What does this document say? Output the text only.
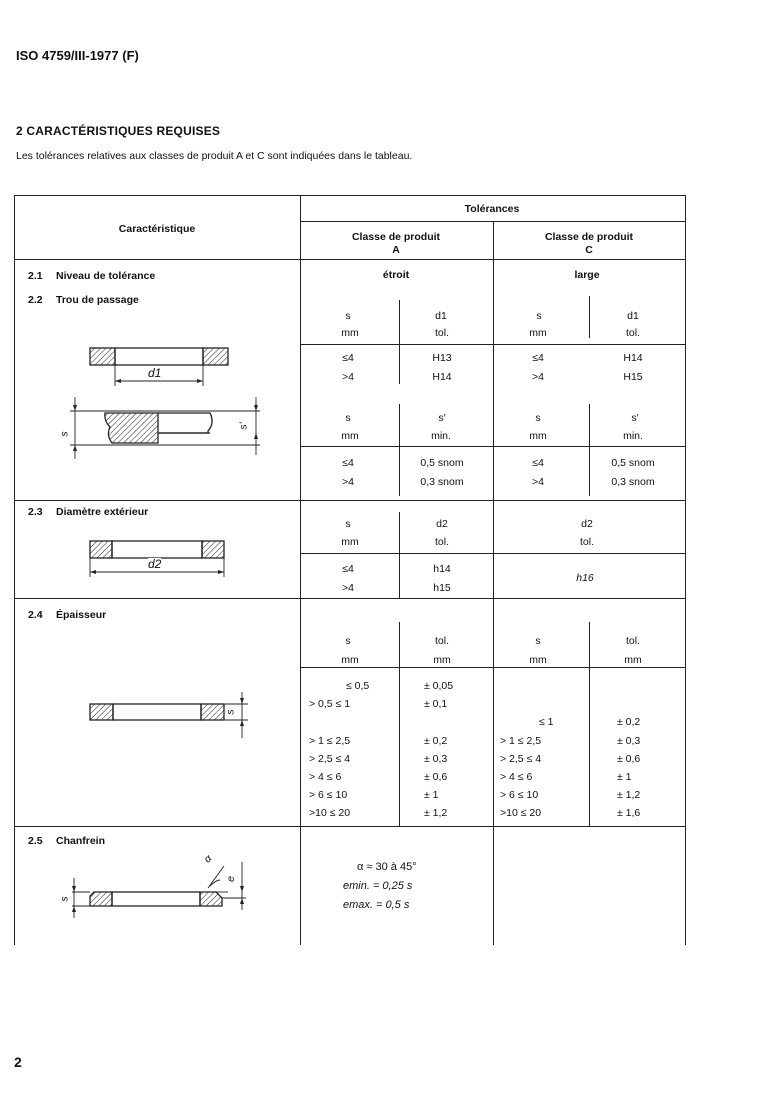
ISO 4759/III-1977 (F)
2 CARACTÉRISTIQUES REQUISES
Les tolérances relatives aux classes de produit A et C sont indiquées dans le tableau.
Caractéristique
Tolérances
Classe de produit
A
Classe de produit
C
2.1 Niveau de tolérance	étroit	large
2.2 Trou de passage
s
mm
d1
tol.
s
mm
d1
tol.
≤4
>4
H13
H14
≤4
>4
H14
H15
s
mm
s′
min.
s
mm
s′
min.
≤4
>4
0,5 snom
0,3 snom
≤4
>4
0,5 snom
0,3 snom
d1
s
s'
2.3 Diamètre extérieur
s
mm
d2
tol.
d2
tol.
≤4
>4
h14
h15
h16
d2
2.4 Épaisseur
s
mm
tol.
mm
s
mm
tol.
mm
≤ 0,5
> 0,5 ≤ 1
> 1 ≤ 2,5
> 2,5 ≤ 4
> 4 ≤ 6
> 6 ≤ 10
>10 ≤ 20
± 0,05
± 0,1
± 0,2
± 0,3
± 0,6
± 1
± 1,2
≤ 1
> 1 ≤ 2,5
> 2,5 ≤ 4
> 4 ≤ 6
> 6 ≤ 10
>10 ≤ 20
± 0,2
± 0,3
± 0,6
± 1
± 1,2
± 1,6
s
2.5 Chanfrein
α ≈ 30 à 45°
emin. = 0,25 s
emax. = 0,5 s
α
e
s
2
